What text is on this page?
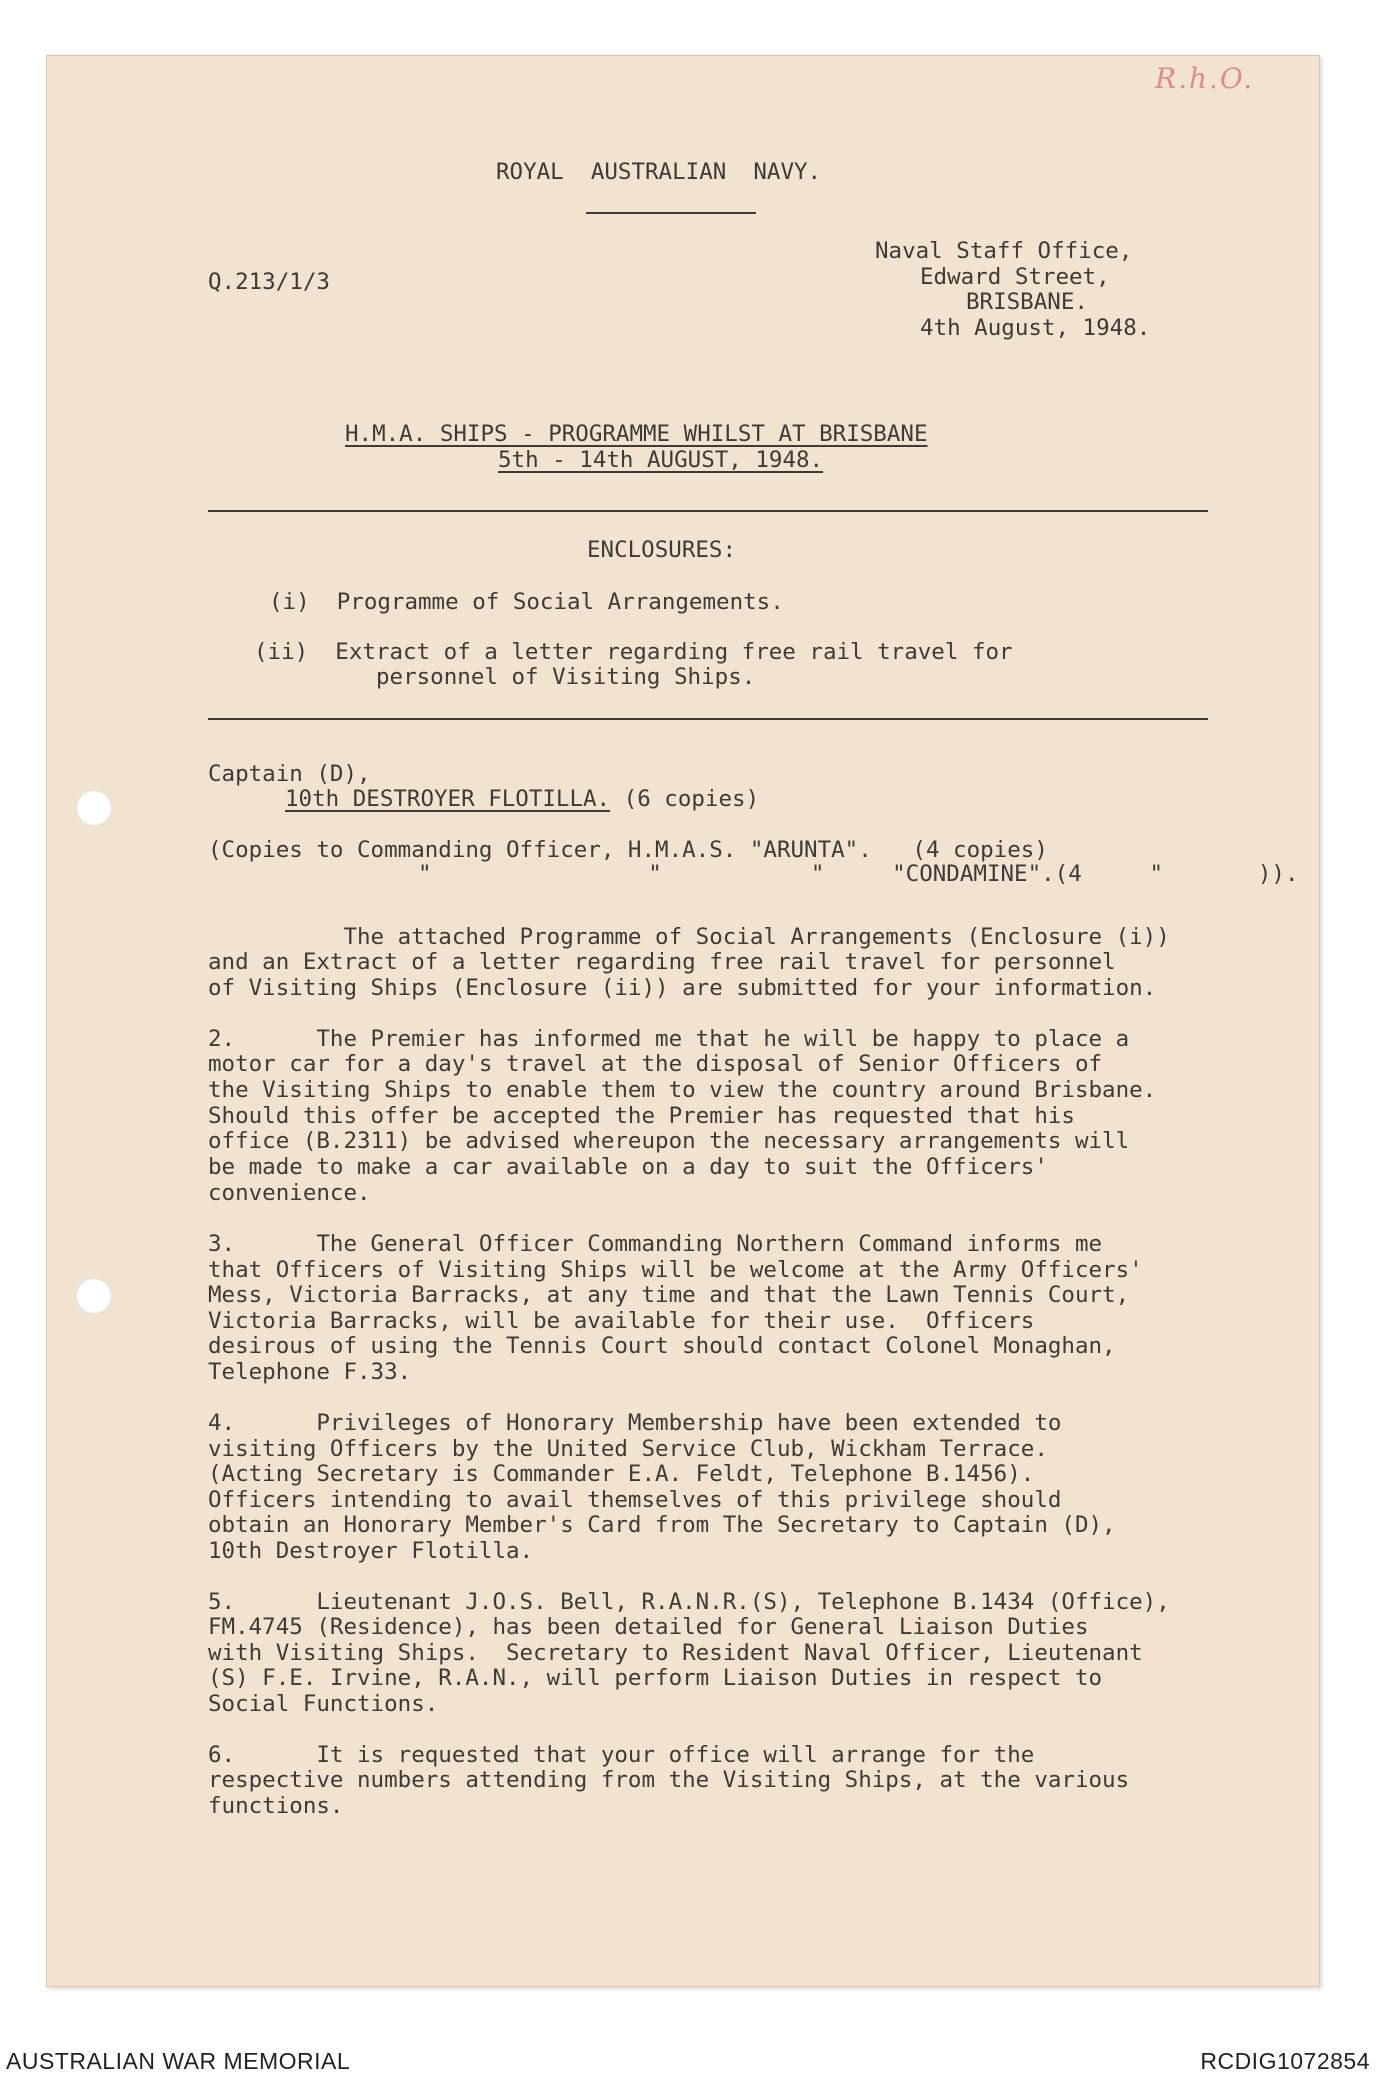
R.h.O.

ROYAL  AUSTRALIAN  NAVY.

Q.213/1/3

Naval Staff Office,

Edward Street,

BRISBANE.

4th August, 1948.

H.M.A. SHIPS - PROGRAMME WHILST AT BRISBANE

5th - 14th AUGUST, 1948.

ENCLOSURES:

(i)  Programme of Social Arrangements.

(ii)  Extract of a letter regarding free rail travel for

personnel of Visiting Ships.

Captain (D),

10th DESTROYER FLOTILLA. (6 copies)

(Copies to Commanding Officer, H.M.A.S. "ARUNTA".   (4 copies)

"                "           "     "CONDAMINE".(4     "       )).

The attached Programme of Social Arrangements (Enclosure (i))

and an Extract of a letter regarding free rail travel for personnel

of Visiting Ships (Enclosure (ii)) are submitted for your information.

2.      The Premier has informed me that he will be happy to place a

motor car for a day's travel at the disposal of Senior Officers of

the Visiting Ships to enable them to view the country around Brisbane.

Should this offer be accepted the Premier has requested that his

office (B.2311) be advised whereupon the necessary arrangements will

be made to make a car available on a day to suit the Officers'

convenience.

3.      The General Officer Commanding Northern Command informs me

that Officers of Visiting Ships will be welcome at the Army Officers'

Mess, Victoria Barracks, at any time and that the Lawn Tennis Court,

Victoria Barracks, will be available for their use.  Officers

desirous of using the Tennis Court should contact Colonel Monaghan,

Telephone F.33.

4.      Privileges of Honorary Membership have been extended to

visiting Officers by the United Service Club, Wickham Terrace.

(Acting Secretary is Commander E.A. Feldt, Telephone B.1456).

Officers intending to avail themselves of this privilege should

obtain an Honorary Member's Card from The Secretary to Captain (D),

10th Destroyer Flotilla.

5.      Lieutenant J.O.S. Bell, R.A.N.R.(S), Telephone B.1434 (Office),

FM.4745 (Residence), has been detailed for General Liaison Duties

with Visiting Ships.  Secretary to Resident Naval Officer, Lieutenant

(S) F.E. Irvine, R.A.N., will perform Liaison Duties in respect to

Social Functions.

6.      It is requested that your office will arrange for the

respective numbers attending from the Visiting Ships, at the various

functions.

AUSTRALIAN WAR MEMORIAL	RCDIG1072854
